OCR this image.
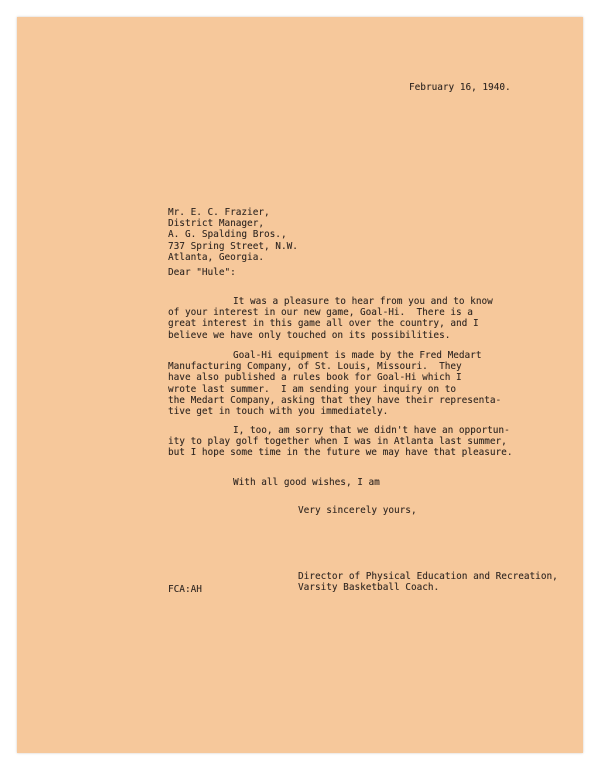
February 16, 1940.
Mr. E. C. Frazier,
District Manager,
A. G. Spalding Bros.,
737 Spring Street, N.W.
Atlanta, Georgia.
Dear "Hule":
It was a pleasure to hear from you and to know
of your interest in our new game, Goal-Hi.  There is a
great interest in this game all over the country, and I
believe we have only touched on its possibilities.
Goal-Hi equipment is made by the Fred Medart
Manufacturing Company, of St. Louis, Missouri.  They
have also published a rules book for Goal-Hi which I
wrote last summer.  I am sending your inquiry on to
the Medart Company, asking that they have their representa-
tive get in touch with you immediately.
I, too, am sorry that we didn't have an opportun-
ity to play golf together when I was in Atlanta last summer,
but I hope some time in the future we may have that pleasure.
With all good wishes, I am
Very sincerely yours,
Director of Physical Education and Recreation,
Varsity Basketball Coach.
FCA:AH
